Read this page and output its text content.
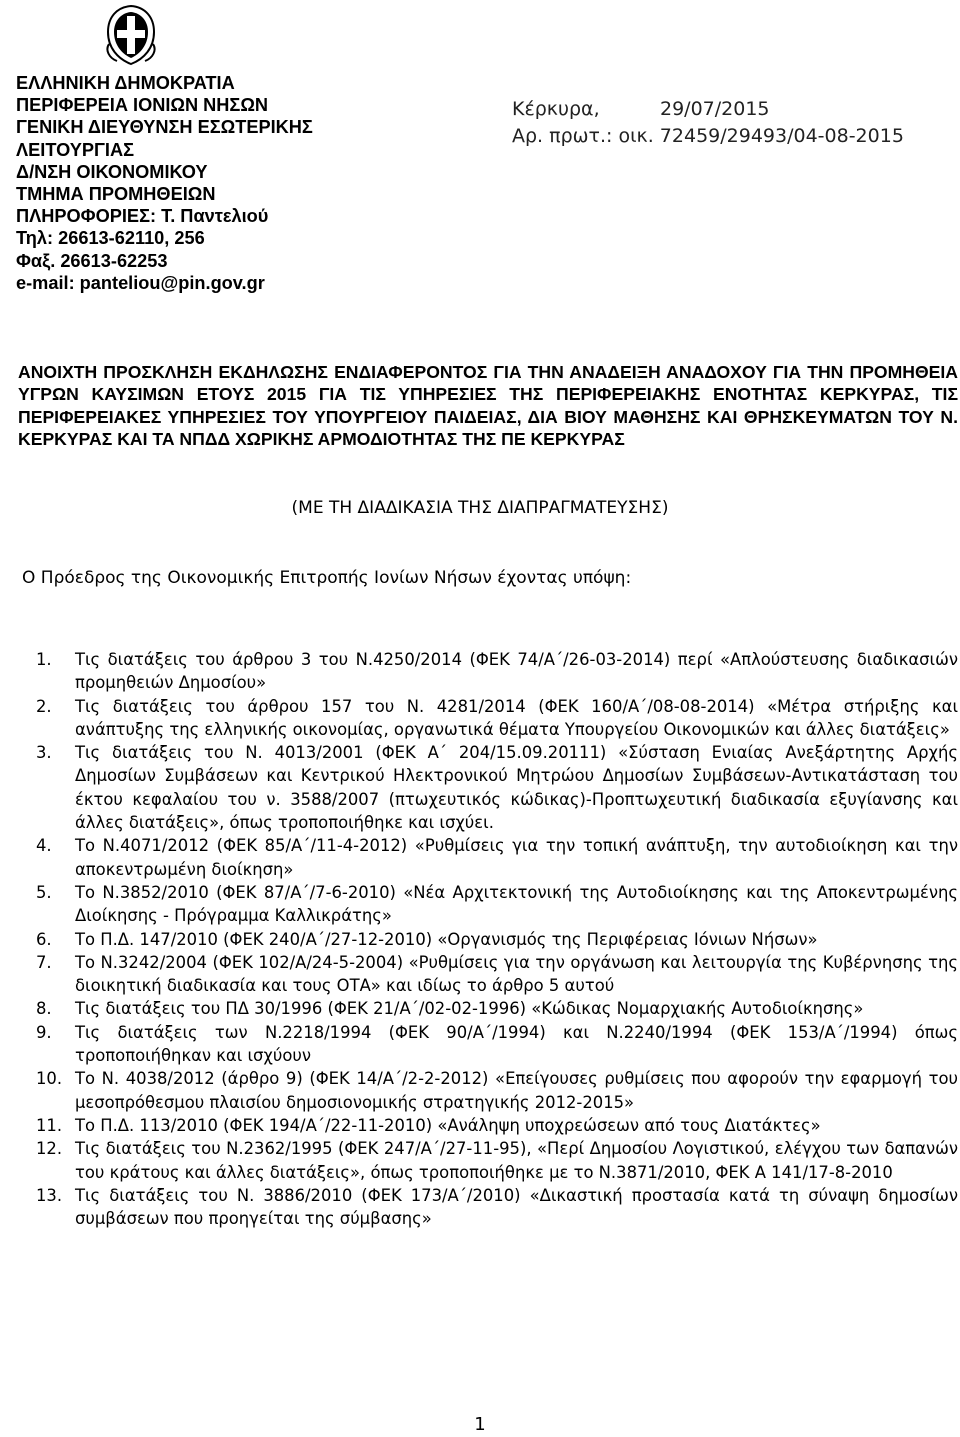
ΕΛΛΗΝΙΚΗ ΔΗΜΟΚΡΑΤΙΑ
ΠΕΡΙΦΕΡΕΙΑ ΙΟΝΙΩΝ ΝΗΣΩΝ
ΓΕΝΙΚΗ ΔΙΕΥΘΥΝΣΗ ΕΣΩΤΕΡΙΚΗΣ
ΛΕΙΤΟΥΡΓΙΑΣ
Δ/ΝΣΗ ΟΙΚΟΝΟΜΙΚΟΥ
ΤΜΗΜΑ ΠΡΟΜΗΘΕΙΩΝ
ΠΛΗΡΟΦΟΡΙΕΣ: Τ. Παντελιού
Τηλ: 26613-62110, 256
Φαξ. 26613-62253
e-mail: panteliou@pin.gov.gr
Κέρκυρα,	29/07/2015
Αρ. πρωτ.: οικ. 72459/29493/04-08-2015
ΑΝΟΙΧΤΗ ΠΡΟΣΚΛΗΣΗ ΕΚΔΗΛΩΣΗΣ ΕΝΔΙΑΦΕΡΟΝΤΟΣ ΓΙΑ ΤΗΝ ΑΝΑΔΕΙΞΗ ΑΝΑΔΟΧΟΥ ΓΙΑ ΤΗΝ ΠΡΟΜΗΘΕΙΑ ΥΓΡΩΝ ΚΑΥΣΙΜΩΝ ΕΤΟΥΣ 2015 ΓΙΑ ΤΙΣ ΥΠΗΡΕΣΙΕΣ ΤΗΣ ΠΕΡΙΦΕΡΕΙΑΚΗΣ ΕΝΟΤΗΤΑΣ ΚΕΡΚΥΡΑΣ, ΤΙΣ ΠΕΡΙΦΕΡΕΙΑΚΕΣ ΥΠΗΡΕΣΙΕΣ ΤΟΥ ΥΠΟΥΡΓΕΙΟΥ ΠΑΙΔΕΙΑΣ, ΔΙΑ ΒΙΟΥ ΜΑΘΗΣΗΣ ΚΑΙ ΘΡΗΣΚΕΥΜΑΤΩΝ ΤΟΥ Ν. ΚΕΡΚΥΡΑΣ ΚΑΙ ΤΑ ΝΠΔΔ ΧΩΡΙΚΗΣ ΑΡΜΟΔΙΟΤΗΤΑΣ ΤΗΣ ΠΕ ΚΕΡΚΥΡΑΣ
(ΜΕ ΤΗ ΔΙΑΔΙΚΑΣΙΑ ΤΗΣ ΔΙΑΠΡΑΓΜΑΤΕΥΣΗΣ)
Ο Πρόεδρος της Οικονομικής Επιτροπής Ιονίων Νήσων έχοντας υπόψη:
1. Τις διατάξεις του άρθρου 3 του Ν.4250/2014 (ΦΕΚ 74/Α΄/26-03-2014) περί «Απλούστευσης διαδικασιών προμηθειών Δημοσίου»
2. Τις διατάξεις του άρθρου 157 του Ν. 4281/2014 (ΦΕΚ 160/Α΄/08-08-2014) «Μέτρα στήριξης και ανάπτυξης της ελληνικής οικονομίας, οργανωτικά θέματα Υπουργείου Οικονομικών και άλλες διατάξεις»
3. Τις διατάξεις του Ν. 4013/2001 (ΦΕΚ Α΄ 204/15.09.20111) «Σύσταση Ενιαίας Ανεξάρτητης Αρχής Δημοσίων Συμβάσεων και Κεντρικού Ηλεκτρονικού Μητρώου Δημοσίων Συμβάσεων-Αντικατάσταση του έκτου κεφαλαίου του ν. 3588/2007 (πτωχευτικός κώδικας)-Προπτωχευτική διαδικασία εξυγίανσης και άλλες διατάξεις», όπως τροποποιήθηκε και ισχύει.
4. Το Ν.4071/2012 (ΦΕΚ 85/Α΄/11-4-2012) «Ρυθμίσεις για την τοπική ανάπτυξη, την αυτοδιοίκηση και την αποκεντρωμένη διοίκηση»
5. Το Ν.3852/2010 (ΦΕΚ 87/Α΄/7-6-2010) «Νέα Αρχιτεκτονική της Αυτοδιοίκησης και της Αποκεντρωμένης Διοίκησης - Πρόγραμμα Καλλικράτης»
6. Το Π.Δ. 147/2010 (ΦΕΚ 240/Α΄/27-12-2010) «Οργανισμός της Περιφέρειας Ιόνιων Νήσων»
7. Το Ν.3242/2004 (ΦΕΚ 102/Α/24-5-2004) «Ρυθμίσεις για την οργάνωση και λειτουργία της Κυβέρνησης της διοικητική διαδικασία και τους ΟΤΑ» και ιδίως το άρθρο 5 αυτού
8. Τις διατάξεις του ΠΔ 30/1996 (ΦΕΚ 21/Α΄/02-02-1996) «Κώδικας Νομαρχιακής Αυτοδιοίκησης»
9. Τις διατάξεις των Ν.2218/1994 (ΦΕΚ 90/Α΄/1994) και Ν.2240/1994 (ΦΕΚ 153/Α΄/1994) όπως τροποποιήθηκαν και ισχύουν
10. Το Ν. 4038/2012 (άρθρο 9) (ΦΕΚ 14/Α΄/2-2-2012) «Επείγουσες ρυθμίσεις που αφορούν την εφαρμογή του μεσοπρόθεσμου πλαισίου δημοσιονομικής στρατηγικής 2012-2015»
11. Το Π.Δ. 113/2010 (ΦΕΚ 194/Α΄/22-11-2010) «Ανάληψη υποχρεώσεων από τους Διατάκτες»
12. Τις διατάξεις του Ν.2362/1995 (ΦΕΚ 247/Α΄/27-11-95), «Περί Δημοσίου Λογιστικού, ελέγχου των δαπανών του κράτους και άλλες διατάξεις», όπως τροποποιήθηκε με το Ν.3871/2010, ΦΕΚ Α 141/17-8-2010
13. Τις διατάξεις του Ν. 3886/2010 (ΦΕΚ 173/Α΄/2010) «Δικαστική προστασία κατά τη σύναψη δημοσίων συμβάσεων που προηγείται της σύμβασης»
1
